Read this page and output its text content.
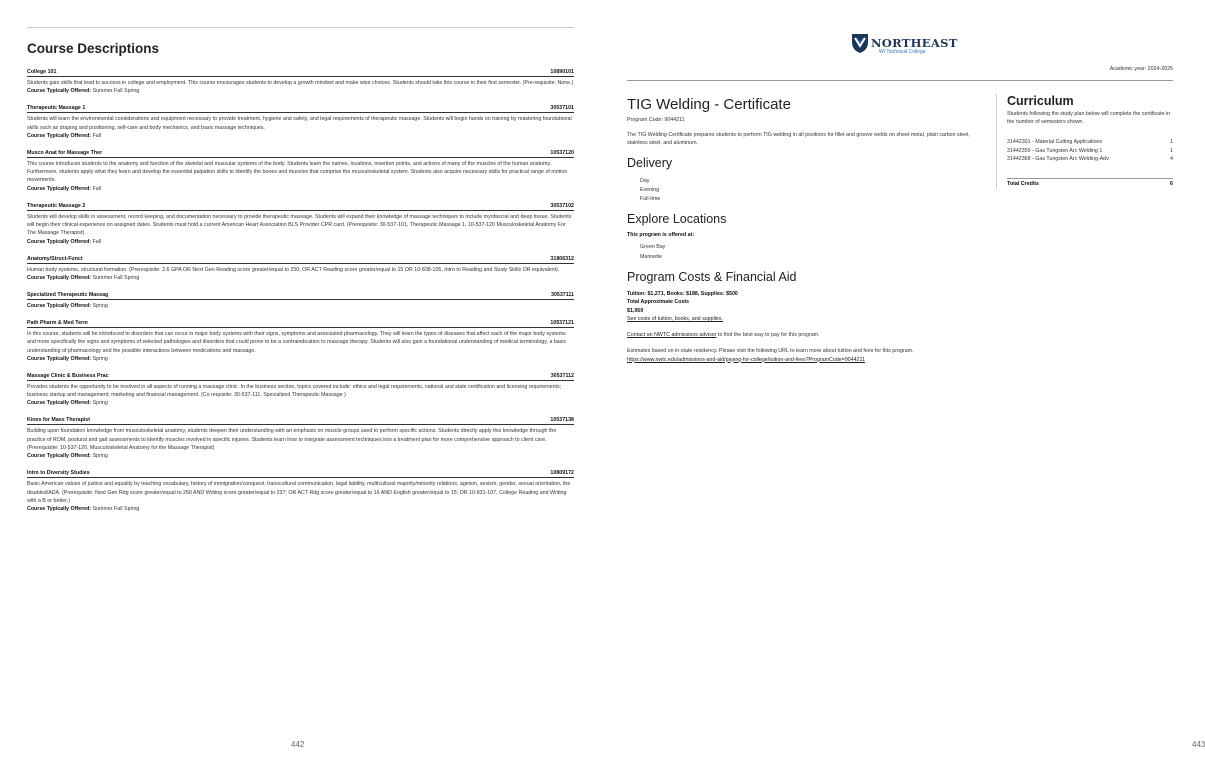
Course Descriptions
College 101	10890101
Students gain skills that lead to success in college and employment. This course encourages students to develop a growth mindset and make wise choices. Students should take this course in their first semester. (Pre-requisite: None.)
Course Typically Offered: Summer Fall Spring
Therapeutic Massage 1	30537101
Students will learn the environmental considerations and equipment necessary to provide treatment, hygiene and safety, and legal requirements of therapeutic massage. Students will begin hands on training by mastering foundational skills such as draping and positioning, self-care and body mechanics, and basic massage techniques.
Course Typically Offered: Fall
Musco Anat for Massage Ther	10537120
This course introduces students to the anatomy and function of the skeletal and muscular systems of the body. Students learn the names, locations, insertion points, and actions of many of the muscles of the human anatomy. Furthermore, students apply what they learn and develop the essential palpation skills to identify the bones and muscles that comprise the musculoskeletal system. Students also acquire necessary skills for practical range of motion movements.
Course Typically Offered: Fall
Therapeutic Massage 2	30537102
Students will develop skills in assessment, record keeping, and documentation necessary to provide therapeutic massage. Students will expand their knowledge of massage techniques to include myofascial and deep tissue. Students will begin their clinical experience on assigned dates. Students must hold a current American Heart Association BLS Provider CPR card. (Prerequisite: 30-537-101, Therapeutic Massage 1, 10-537-120 Musculoskeletal Anatomy For The Massage Therapist)
Course Typically Offered: Fall
Anatomy/Struct-Funct	31806312
Human body systems, structural formation. (Prerequisite: 2.6 GPA OR Next Gen Reading score greater/equal to 250; OR ACT Reading score greater/equal to 15 OR 10-838-105, Intro to Reading and Study Skills OR equivalent).
Course Typically Offered: Summer Fall Spring
Specialized Therapeutic Massag	30537111
Course Typically Offered: Spring
Path Pharm & Med Term	10537121
In this course, students will be introduced to disorders that can occur in major body systems with their signs, symptoms and associated pharmacology. They will learn the types of diseases that affect each of the major body systems and more specifically the signs and symptoms of selected pathologies and disorders that could prove to be a contraindication to massage therapy. Students will also gain a foundational understanding of medical terminology, a basic understanding of pharmacology and the possible interactions between medications and massage.
Course Typically Offered: Spring
Massage Clinic & Business Prac	30537112
Provides students the opportunity to be involved in all aspects of running a massage clinic. In the business section, topics covered include: ethics and legal requirements, national and state certification and licensing requirements; business startup and management; marketing and financial management. (Co requisite: 30-537-111, Specialized Therapeutic Massage )
Course Typically Offered: Spring
Kines for Mass Therapist	10537138
Building upon foundation knowledge from musculoskeletal anatomy, students deepen their understanding with an emphasis on muscle groups used to perform specific actions. Students directly apply this knowledge through the practice of ROM, postural and gait assessments to identify muscles involved in specific injuries. Students learn how to integrate assessment techniques into a treatment plan for more comprehensive approach to client care. (Prerequisite: 10-537-120, Musculoskeletal Anatomy for the Massage Therapist)
Course Typically Offered: Spring
Intro to Diversity Studies	10809172
Basic American values of justice and equality by teaching vocabulary, history of immigration/conquest, transcultural communication, legal liability, multicultural majority/minority relations, ageism, sexism, gender, sexual orientation, the disabled/ADA. (Prerequisite: Next Gen Rdg score greater/equal to 250 AND Writing score greater/equal to 237; OR ACT Rdg score greater/equal to 16 AND English greater/equal to 15; OR 10-831-107, College Reading and Writing with a B or better.)
Course Typically Offered: Summer Fall Spring
442
NORTHEAST
WI Technical College
Academic year: 2024-2025
TIG Welding - Certificate
Program Code: 9044211

The TIG Welding Certificate prepares students to perform TIG welding in all positions for fillet and groove welds on sheet metal, plain carbon steel, stainless steel, and aluminum.

Delivery
Day
Evening
Full-time
Explore Locations
This program is offered at:
Green Bay
Marinette
Program Costs & Financial Aid
Tuition: $1,271, Books: $188, Supplies: $500
Total Approximate Costs
$1,959
See costs of tuition, books, and supplies.
Contact an NWTC admissions advisor to find the best way to pay for this program.
Estimates based on in-state residency. Please visit the following URL to learn more about tuition and fees for this program.
https://www.nwtc.edu/admissions-and-aid/paying-for-college/tuition-and-fees?ProgramCode=9044211
Curriculum
Students following the study plan below will complete the certificate in the number of semesters shown.
31442301 - Material Cutting Applications	1
31442359 - Gas Tungsten Arc Welding 1	1
31442368 - Gas Tungsten Arc Welding-Adv	4
Total Credits	6
443
